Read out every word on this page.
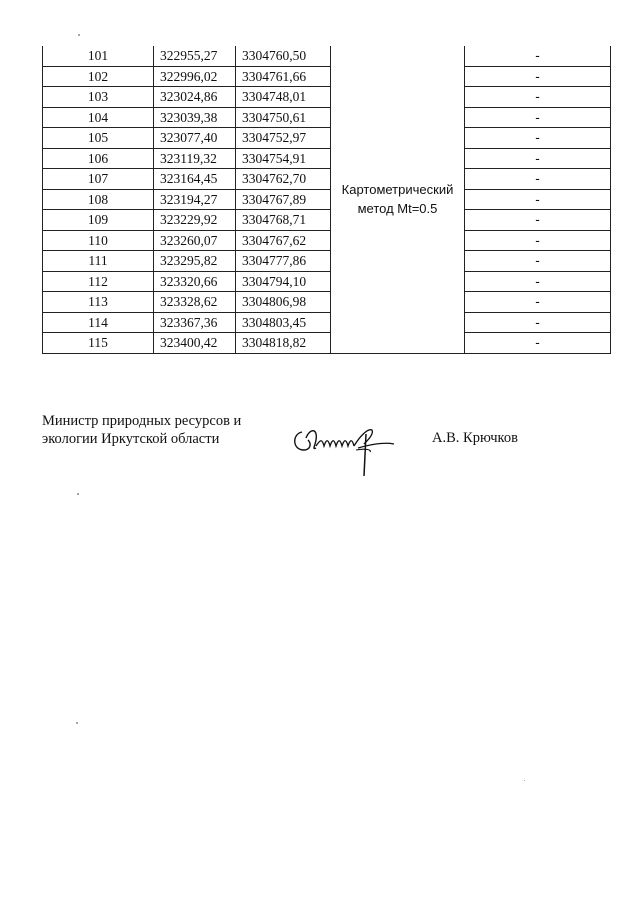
101	322955,27	3304760,50	Картометрический
метод Mt=0.5	-
102	322996,02	3304761,66		-
103	323024,86	3304748,01		-
104	323039,38	3304750,61		-
105	323077,40	3304752,97		-
106	323119,32	3304754,91		-
107	323164,45	3304762,70		-
108	323194,27	3304767,89		-
109	323229,92	3304768,71		-
110	323260,07	3304767,62		-
111	323295,82	3304777,86		-
112	323320,66	3304794,10		-
113	323328,62	3304806,98		-
114	323367,36	3304803,45		-
115	323400,42	3304818,82		-
Министр природных ресурсов и
экологии Иркутской области	А.В. Крючков
